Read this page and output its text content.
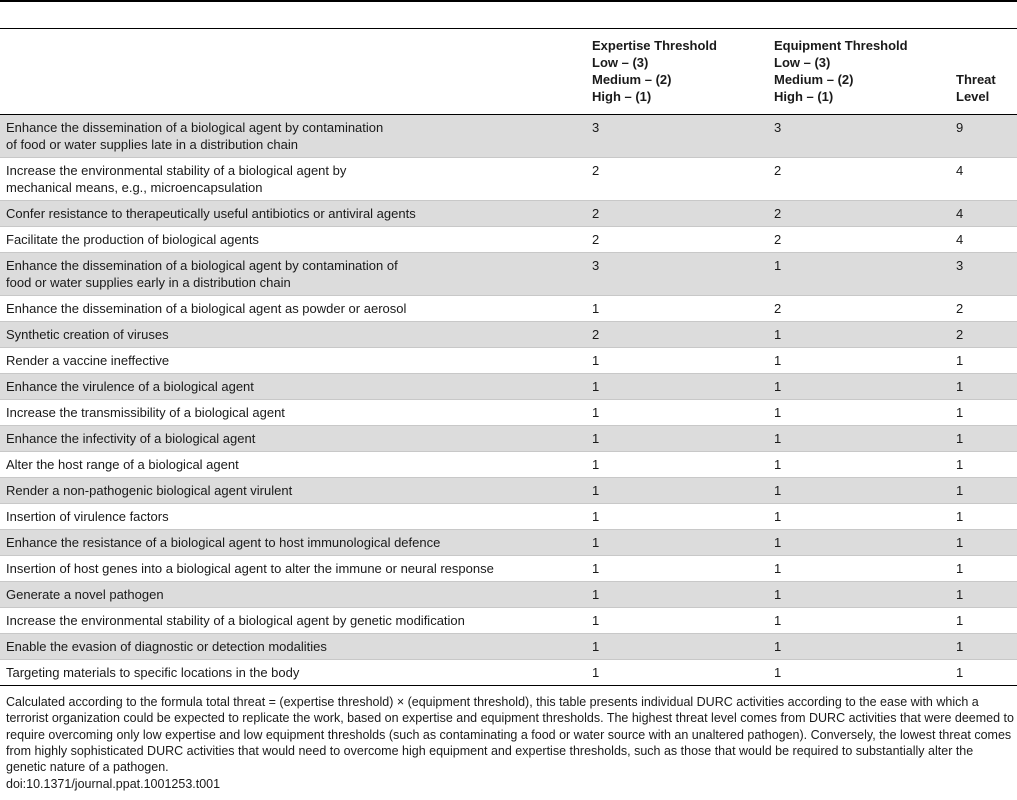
	Expertise Threshold
Low – (3)
Medium – (2)
High – (1)	Equipment Threshold
Low – (3)
Medium – (2)
High – (1)	Threat
Level

Enhance the dissemination of a biological agent by contamination
of food or water supplies late in a distribution chain	3	3	9

Increase the environmental stability of a biological agent by
mechanical means, e.g., microencapsulation	2	2	4

Confer resistance to therapeutically useful antibiotics or antiviral agents	2	2	4

Facilitate the production of biological agents	2	2	4

Enhance the dissemination of a biological agent by contamination of
food or water supplies early in a distribution chain	3	1	3

Enhance the dissemination of a biological agent as powder or aerosol	1	2	2

Synthetic creation of viruses	2	1	2

Render a vaccine ineffective	1	1	1

Enhance the virulence of a biological agent	1	1	1

Increase the transmissibility of a biological agent	1	1	1

Enhance the infectivity of a biological agent	1	1	1

Alter the host range of a biological agent	1	1	1

Render a non-pathogenic biological agent virulent	1	1	1

Insertion of virulence factors	1	1	1

Enhance the resistance of a biological agent to host immunological defence	1	1	1

Insertion of host genes into a biological agent to alter the immune or neural response	1	1	1

Generate a novel pathogen	1	1	1

Increase the environmental stability of a biological agent by genetic modification	1	1	1

Enable the evasion of diagnostic or detection modalities	1	1	1

Targeting materials to specific locations in the body	1	1	1

Calculated according to the formula total threat = (expertise threshold) × (equipment threshold), this table presents individual DURC activities according to the ease with which a terrorist organization could be expected to replicate the work, based on expertise and equipment thresholds. The highest threat level comes from DURC activities that were deemed to require overcoming only low expertise and low equipment thresholds (such as contaminating a food or water source with an unaltered pathogen). Conversely, the lowest threat comes from highly sophisticated DURC activities that would need to overcome high equipment and expertise thresholds, such as those that would be required to substantially alter the genetic nature of a pathogen.

doi:10.1371/journal.ppat.1001253.t001
